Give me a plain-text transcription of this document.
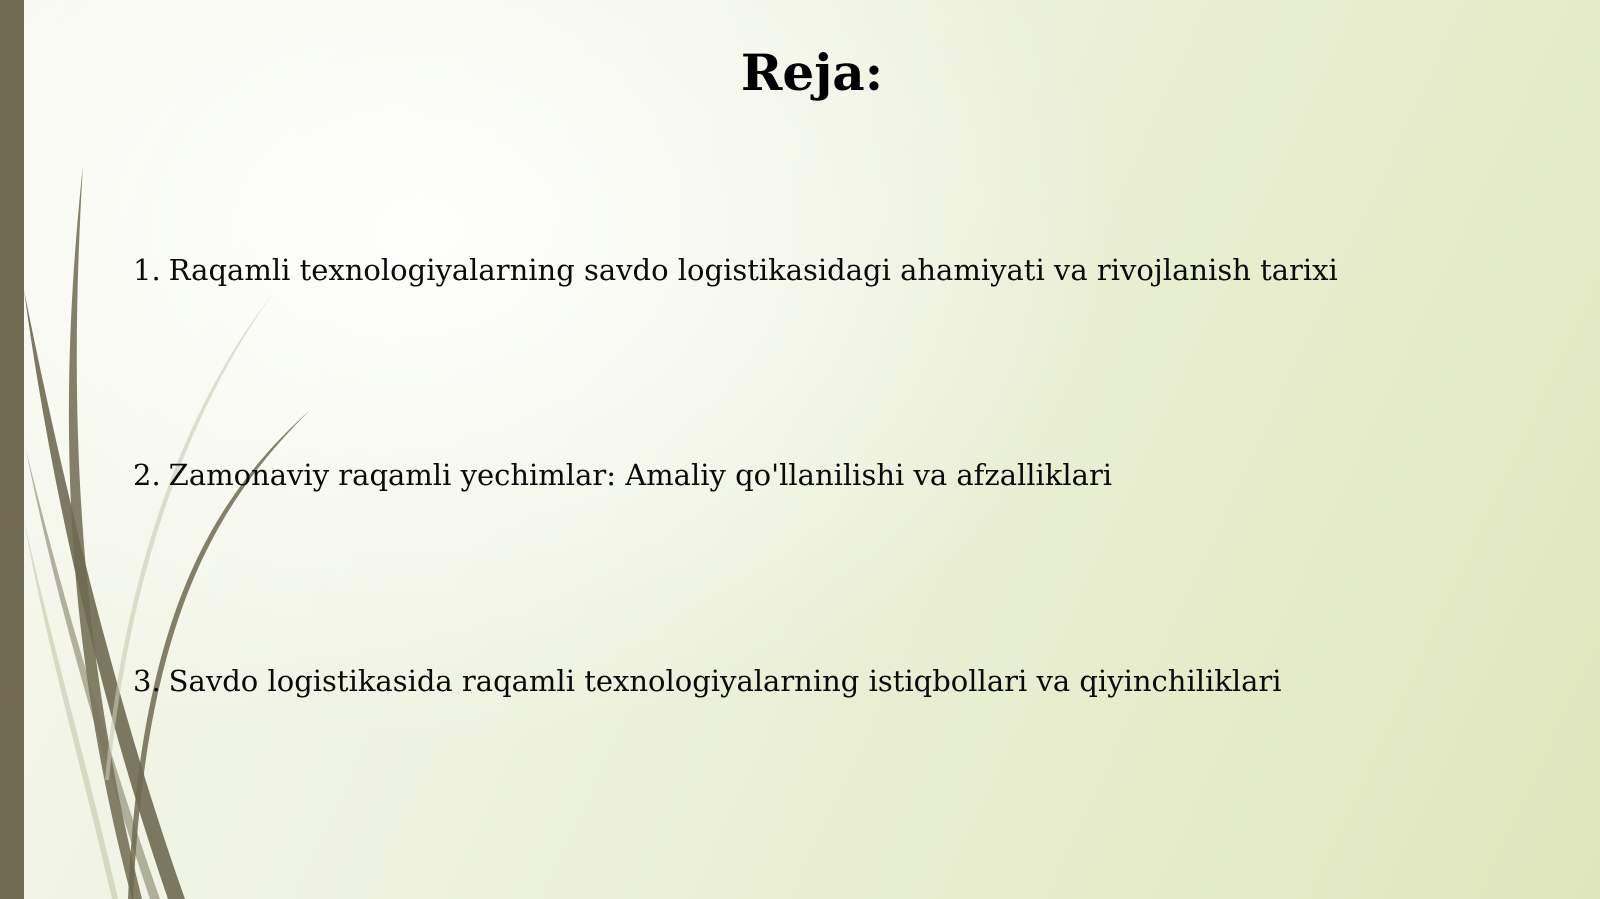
Reja:

1. Raqamli texnologiyalarning savdo logistikasidagi ahamiyati va rivojlanish tarixi

2. Zamonaviy raqamli yechimlar: Amaliy qo'llanilishi va afzalliklari

3. Savdo logistikasida raqamli texnologiyalarning istiqbollari va qiyinchiliklari
